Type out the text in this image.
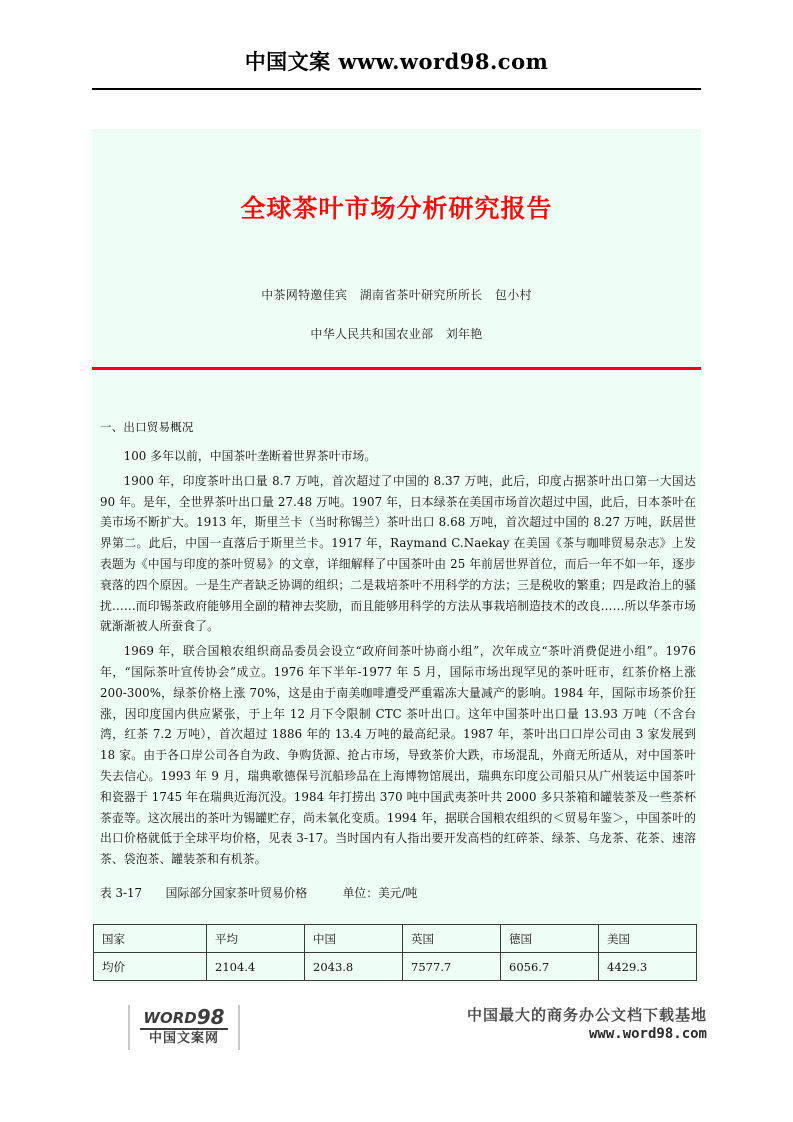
中国文案 www.word98.com
全球茶叶市场分析研究报告
中茶网特邀佳宾　湖南省茶叶研究所所长　包小村
中华人民共和国农业部　刘年艳

一、出口贸易概况

100 多年以前，中国茶叶垄断着世界茶叶市场。

1900 年，印度茶叶出口量 8.7 万吨，首次超过了中国的 8.37 万吨，此后，印度占据茶叶出口第一大国达 90 年。是年，全世界茶叶出口量 27.48 万吨。1907 年，日本绿茶在美国市场首次超过中国，此后，日本茶叶在美市场不断扩大。1913 年，斯里兰卡（当时称锡兰）茶叶出口 8.68 万吨，首次超过中国的 8.27 万吨，跃居世界第二。此后，中国一直落后于斯里兰卡。1917 年，Raymand C.Naekay 在美国《茶与咖啡贸易杂志》上发表题为《中国与印度的茶叶贸易》的文章，详细解释了中国茶叶由 25 年前居世界首位，而后一年不如一年，逐步衰落的四个原因。一是生产者缺乏协调的组织；二是栽培茶叶不用科学的方法；三是税收的繁重；四是政治上的骚扰……而印锡茶政府能够用全副的精神去奖励，而且能够用科学的方法从事栽培制造技术的改良……所以华茶市场就渐渐被人所蚕食了。

1969 年，联合国粮农组织商品委员会设立“政府间茶叶协商小组”，次年成立“茶叶消费促进小组”。1976 年，“国际茶叶宣传协会”成立。1976 年下半年-1977 年 5 月，国际市场出现罕见的茶叶旺市，红茶价格上涨 200-300%，绿茶价格上涨 70%，这是由于南美咖啡遭受严重霜冻大量减产的影响。1984 年，国际市场茶价狂涨，因印度国内供应紧张，于上年 12 月下令限制 CTC 茶叶出口。这年中国茶叶出口量 13.93 万吨（不含台湾，红茶 7.2 万吨），首次超过 1886 年的 13.4 万吨的最高纪录。1987 年，茶叶出口口岸公司由 3 家发展到 18 家。由于各口岸公司各自为政、争购货源、抢占市场，导致茶价大跌，市场混乱，外商无所适从，对中国茶叶失去信心。1993 年 9 月，瑞典歌德保号沉船珍品在上海博物馆展出，瑞典东印度公司船只从广州装运中国茶叶和瓷器于 1745 年在瑞典近海沉没。1984 年打捞出 370 吨中国武夷茶叶共 2000 多只茶箱和罐装茶及一些茶杯茶壶等。这次展出的茶叶为锡罐贮存，尚未氧化变质。1994 年，据联合国粮农组织的＜贸易年鉴＞，中国茶叶的出口价格就低于全球平均价格，见表 3-17。当时国内有人指出要开发高档的红碎茶、绿茶、乌龙茶、花茶、速溶茶、袋泡茶、罐装茶和有机茶。

表 3-17　　国际部分国家茶叶贸易价格　　　单位：美元/吨
国家	平均	中国	英国	德国	美国
均价	2104.4	2043.8	7577.7	6056.7	4429.3
WORD98
中国文案网
中国最大的商务办公文档下载基地
www.word98.com
